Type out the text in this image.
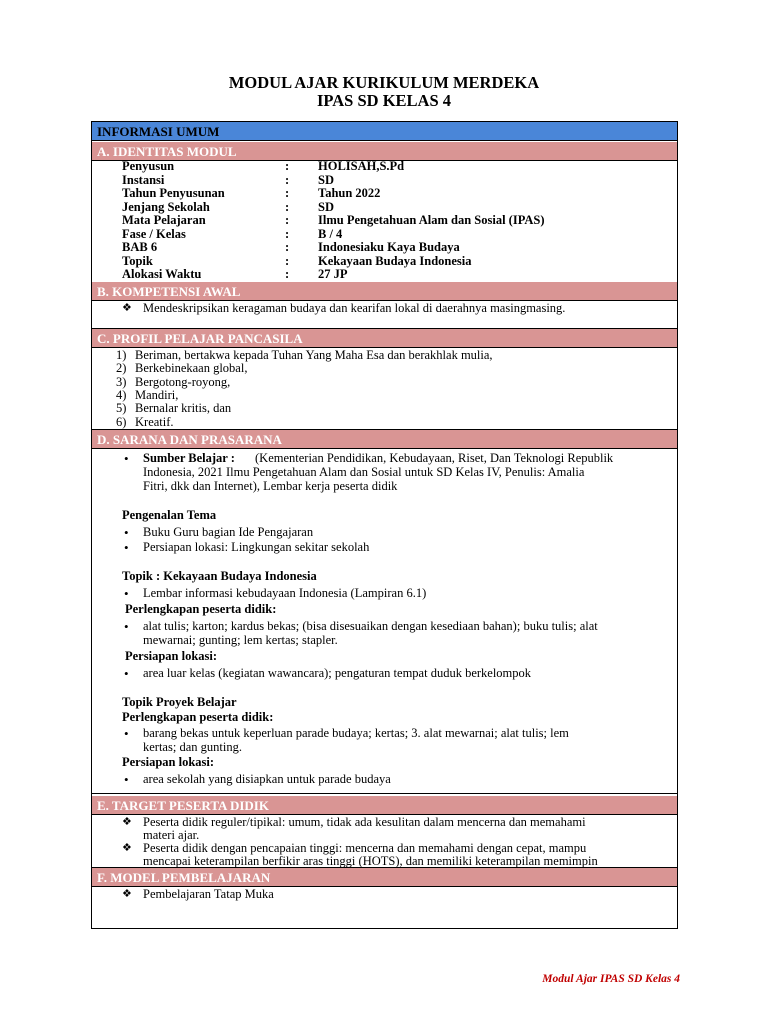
MODUL AJAR KURIKULUM MERDEKA
IPAS SD KELAS 4
INFORMASI UMUM
A. IDENTITAS MODUL
Penyusun	: HOLISAH,S.Pd
Instansi	: SD
Tahun Penyusunan	: Tahun 2022
Jenjang Sekolah	: SD
Mata Pelajaran	: Ilmu Pengetahuan Alam dan Sosial (IPAS)
Fase / Kelas	: B / 4
BAB 6	: Indonesiaku Kaya Budaya
Topik	: Kekayaan Budaya Indonesia
Alokasi Waktu	: 27 JP
B. KOMPETENSI AWAL
❖ Mendeskripsikan keragaman budaya dan kearifan lokal di daerahnya masingmasing.
C. PROFIL PELAJAR PANCASILA
1) Beriman, bertakwa kepada Tuhan Yang Maha Esa dan berakhlak mulia,
2) Berkebinekaan global,
3) Bergotong-royong,
4) Mandiri,
5) Bernalar kritis, dan
6) Kreatif.
D. SARANA DAN PRASARANA
• Sumber Belajar : (Kementerian Pendidikan, Kebudayaan, Riset, Dan Teknologi Republik
Indonesia, 2021 Ilmu Pengetahuan Alam dan Sosial untuk SD Kelas IV, Penulis: Amalia
Fitri, dkk dan Internet), Lembar kerja peserta didik
Pengenalan Tema
• Buku Guru bagian Ide Pengajaran
• Persiapan lokasi: Lingkungan sekitar sekolah
Topik : Kekayaan Budaya Indonesia
• Lembar informasi kebudayaan Indonesia (Lampiran 6.1)
Perlengkapan peserta didik:
• alat tulis; karton; kardus bekas; (bisa disesuaikan dengan kesediaan bahan); buku tulis; alat
mewarnai; gunting; lem kertas; stapler.
Persiapan lokasi:
• area luar kelas (kegiatan wawancara); pengaturan tempat duduk berkelompok
Topik Proyek Belajar
Perlengkapan peserta didik:
• barang bekas untuk keperluan parade budaya; kertas; 3. alat mewarnai; alat tulis; lem
kertas; dan gunting.
Persiapan lokasi:
• area sekolah yang disiapkan untuk parade budaya
E. TARGET PESERTA DIDIK
❖ Peserta didik reguler/tipikal: umum, tidak ada kesulitan dalam mencerna dan memahami
materi ajar.
❖ Peserta didik dengan pencapaian tinggi: mencerna dan memahami dengan cepat, mampu
mencapai keterampilan berfikir aras tinggi (HOTS), dan memiliki keterampilan memimpin
F. MODEL PEMBELAJARAN
❖ Pembelajaran Tatap Muka
Modul Ajar IPAS SD Kelas 4
